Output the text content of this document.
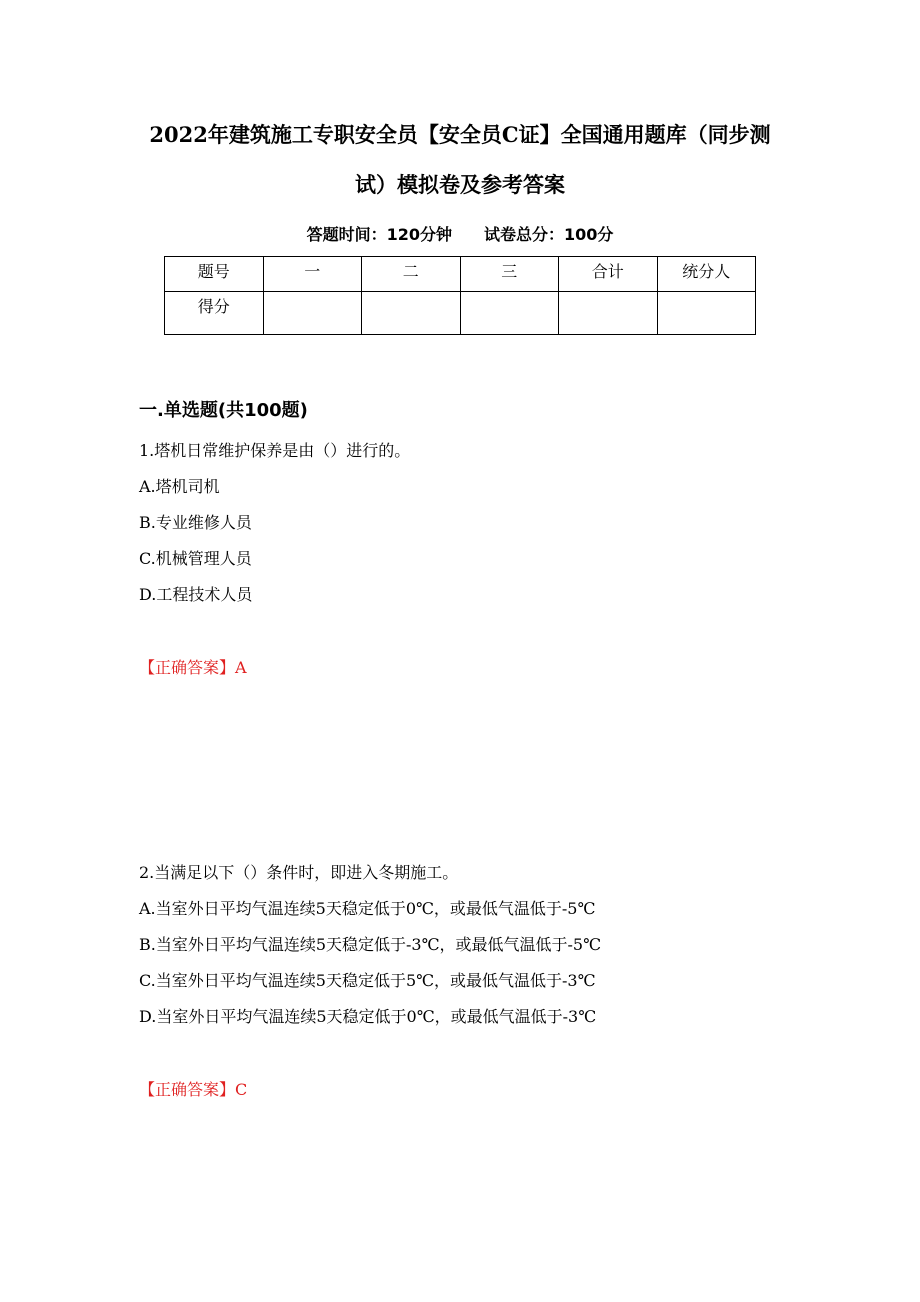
2022年建筑施工专职安全员【安全员C证】全国通用题库（同步测
试）模拟卷及参考答案
答题时间：120分钟 试卷总分：100分
题号	一	二	三	合计	统分人
得分					
一.单选题(共100题)

1.塔机日常维护保养是由（）进行的。

A.塔机司机

B.专业维修人员

C.机械管理人员

D.工程技术人员

【正确答案】A

2.当满足以下（）条件时，即进入冬期施工。

A.当室外日平均气温连续5天稳定低于0℃，或最低气温低于-5℃

B.当室外日平均气温连续5天稳定低于-3℃，或最低气温低于-5℃

C.当室外日平均气温连续5天稳定低于5℃，或最低气温低于-3℃

D.当室外日平均气温连续5天稳定低于0℃，或最低气温低于-3℃

【正确答案】C
